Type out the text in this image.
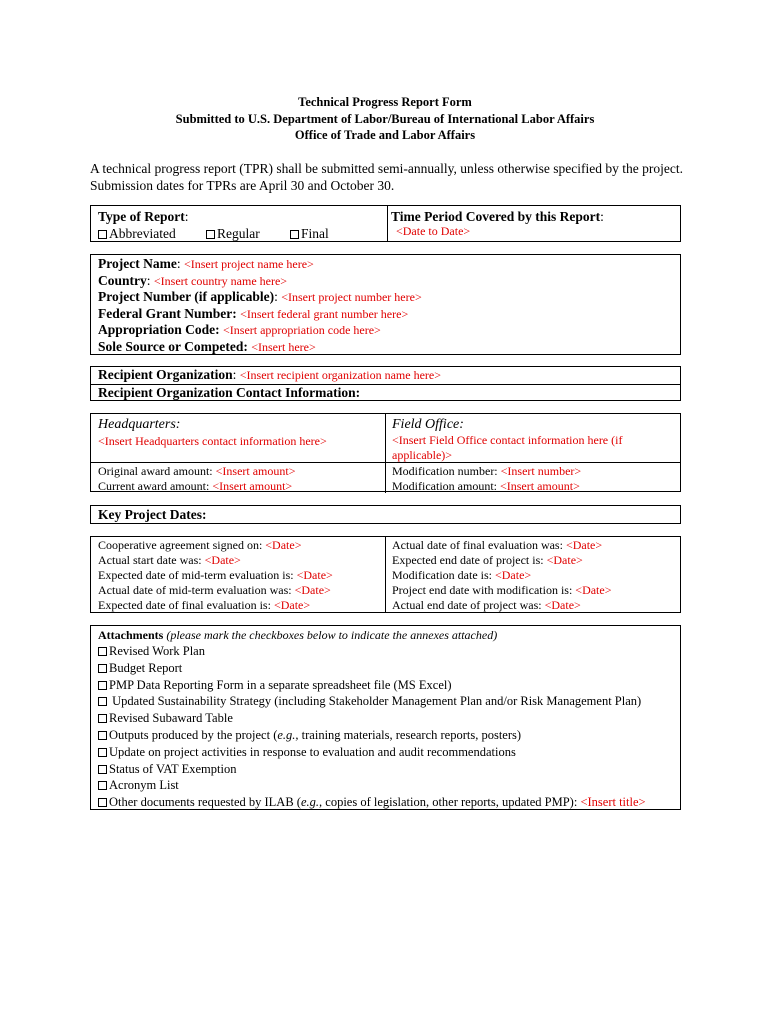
Technical Progress Report Form
Submitted to U.S. Department of Labor/Bureau of International Labor Affairs
Office of Trade and Labor Affairs
A technical progress report (TPR) shall be submitted semi-annually, unless otherwise specified by the project. Submission dates for TPRs are April 30 and October 30.
Type of Report:
Abbreviated	Regular	Final
Time Period Covered by this Report:
<Date to Date>
Project Name: <Insert project name here>
Country: <Insert country name here>
Project Number (if applicable): <Insert project number here>
Federal Grant Number: <Insert federal grant number here>
Appropriation Code: <Insert appropriation code here>
Sole Source or Competed: <Insert here>
Recipient Organization: <Insert recipient organization name here>
Recipient Organization Contact Information:
Headquarters:
<Insert Headquarters contact information here>
Field Office:
<Insert Field Office contact information here (if applicable)>
Original award amount: <Insert amount>
Current award amount: <Insert amount>
Modification number: <Insert number>
Modification amount: <Insert amount>
Key Project Dates:
Cooperative agreement signed on: <Date>
Actual start date was: <Date>
Expected date of mid-term evaluation is: <Date>
Actual date of mid-term evaluation was: <Date>
Expected date of final evaluation is: <Date>
Actual date of final evaluation was: <Date>
Expected end date of project is: <Date>
Modification date is: <Date>
Project end date with modification is: <Date>
Actual end date of project was: <Date>
Attachments (please mark the checkboxes below to indicate the annexes attached)
Revised Work Plan
Budget Report
PMP Data Reporting Form in a separate spreadsheet file (MS Excel)
Updated Sustainability Strategy (including Stakeholder Management Plan and/or Risk Management Plan)
Revised Subaward Table
Outputs produced by the project (e.g., training materials, research reports, posters)
Update on project activities in response to evaluation and audit recommendations
Status of VAT Exemption
Acronym List
Other documents requested by ILAB (e.g., copies of legislation, other reports, updated PMP): <Insert title>
